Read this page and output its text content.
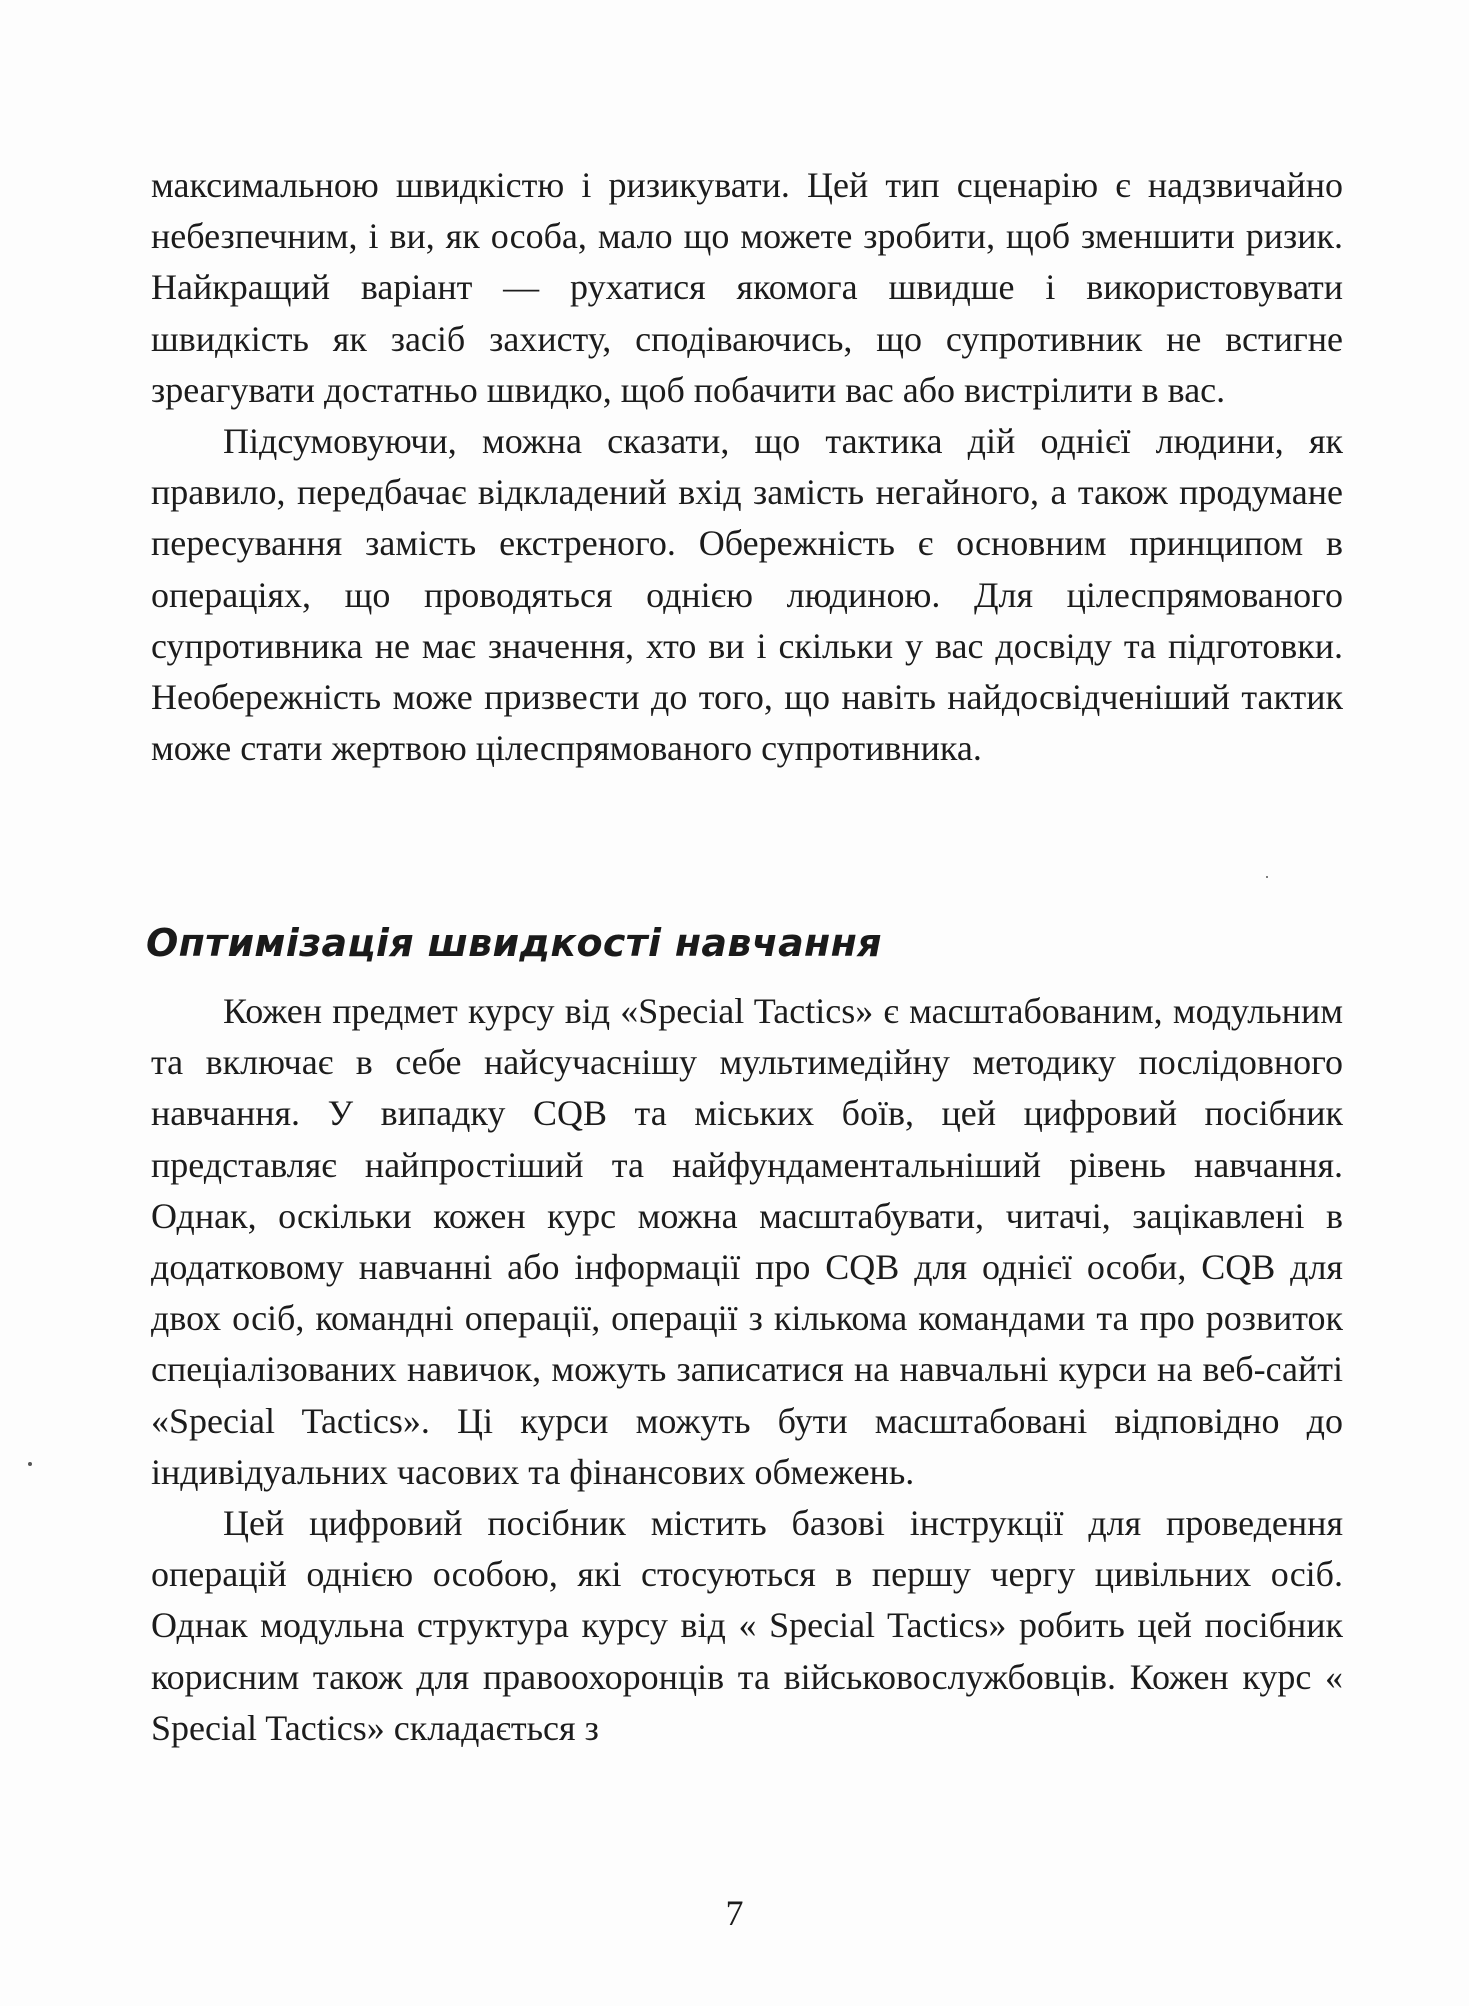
максимальною швидкістю і ризикувати. Цей тип сценарію є надзвичайно небезпечним, і ви, як особа, мало що можете зробити, щоб зменшити ризик. Найкращий варіант — рухатися якомога швидше і використовувати швидкість як засіб захисту, сподіваючись, що супротивник не встигне зреагувати достатньо швидко, щоб побачити вас або вистрілити в вас.

Підсумовуючи, можна сказати, що тактика дій однієї людини, як правило, передбачає відкладений вхід замість негайного, а також продумане пересування замість екстреного. Обережність є основним принципом в операціях, що проводяться однією людиною. Для цілеспрямованого супротивника не має значення, хто ви і скільки у вас досвіду та підготовки. Необережність може призвести до того, що навіть найдосвідченіший тактик може стати жертвою цілеспрямованого супротивника.

Оптимізація швидкості навчання

Кожен предмет курсу від «Special Tactics» є масштабованим, модульним та включає в себе найсучаснішу мультимедійну методику послідовного навчання. У випадку CQB та міських боїв, цей цифровий посібник представляє найпростіший та найфундаментальніший рівень навчання. Однак, оскільки кожен курс можна масштабувати, читачі, зацікавлені в додатковому навчанні або інформації про CQB для однієї особи, CQB для двох осіб, командні операції, операції з кількома командами та про розвиток спеціалізованих навичок, можуть записатися на навчальні курси на веб-сайті «Special Tactics». Ці курси можуть бути масштабовані відповідно до індивідуальних часових та фінансових обмежень.

Цей цифровий посібник містить базові інструкції для проведення операцій однією особою, які стосуються в першу чергу цивільних осіб. Однак модульна структура курсу від « Special Tactics» робить цей посібник корисним також для правоохоронців та військовослужбовців. Кожен курс « Special Tactics» складається з

7
